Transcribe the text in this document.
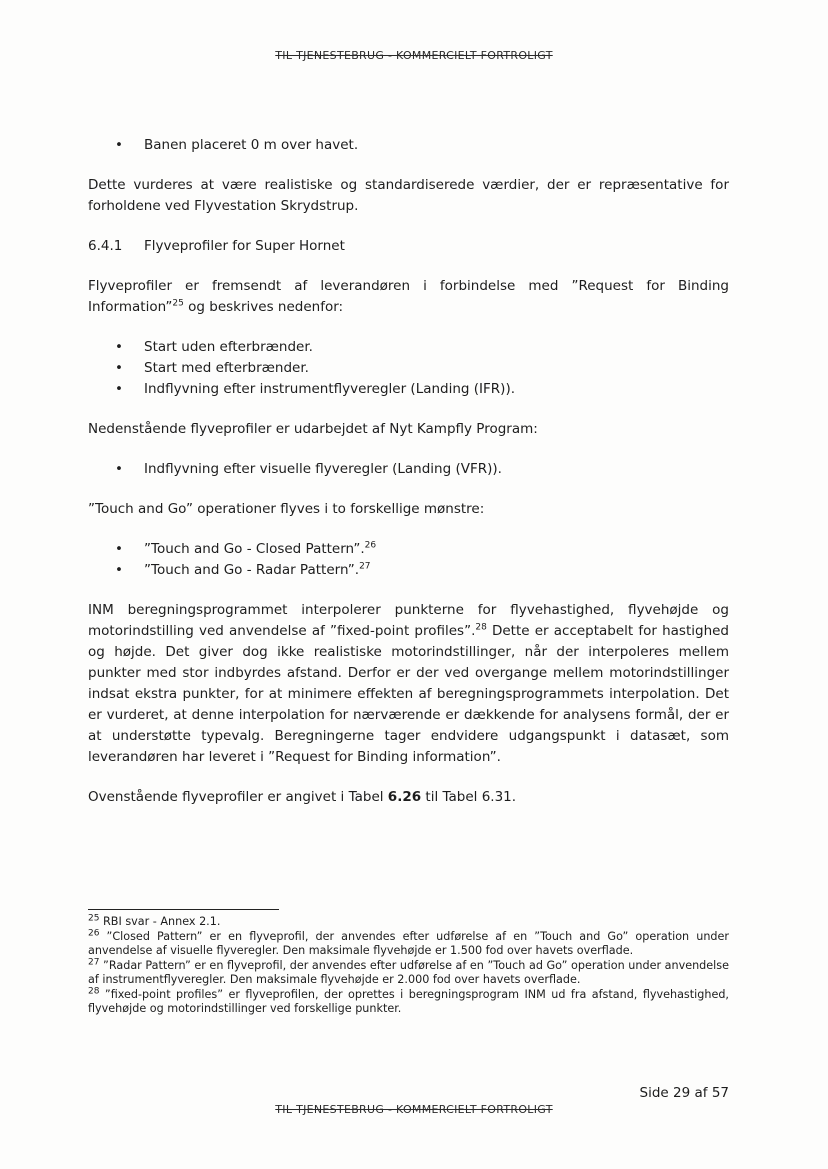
TIL TJENESTEBRUG - KOMMERCIELT FORTROLIGT
• Banen placeret 0 m over havet.

Dette vurderes at være realistiske og standardiserede værdier, der er repræsentative for forholdene ved Flyvestation Skrydstrup.

6.4.1 Flyveprofiler for Super Hornet

Flyveprofiler er fremsendt af leverandøren i forbindelse med ”Request for Binding Information”$^{25}$ og beskrives nedenfor:

• Start uden efterbrænder.
• Start med efterbrænder.
• Indflyvning efter instrumentflyveregler (Landing (IFR)).

Nedenstående flyveprofiler er udarbejdet af Nyt Kampfly Program:

• Indflyvning efter visuelle flyveregler (Landing (VFR)).

”Touch and Go” operationer flyves i to forskellige mønstre:

• ”Touch and Go - Closed Pattern”.$^{26}$
• ”Touch and Go - Radar Pattern”.$^{27}$

INM beregningsprogrammet interpolerer punkterne for flyvehastighed, flyvehøjde og motorindstilling ved anvendelse af ”fixed-point profiles”.$^{28}$ Dette er acceptabelt for hastighed og højde. Det giver dog ikke realistiske motorindstillinger, når der interpoleres mellem punkter med stor indbyrdes afstand. Derfor er der ved overgange mellem motorindstillinger indsat ekstra punkter, for at minimere effekten af beregningsprogrammets interpolation. Det er vurderet, at denne interpolation for nærværende er dækkende for analysens formål, der er at understøtte typevalg. Beregningerne tager endvidere udgangspunkt i datasæt, som leverandøren har leveret i ”Request for Binding information”.

Ovenstående flyveprofiler er angivet i Tabel 6.26 til Tabel 6.31.

$^{25}$ RBI svar - Annex 2.1.

$^{26}$ ”Closed Pattern” er en flyveprofil, der anvendes efter udførelse af en ”Touch and Go” operation under anvendelse af visuelle flyveregler. Den maksimale flyvehøjde er 1.500 fod over havets overflade.

$^{27}$ ”Radar Pattern” er en flyveprofil, der anvendes efter udførelse af en ”Touch ad Go” operation under anvendelse af instrumentflyveregler. Den maksimale flyvehøjde er 2.000 fod over havets overflade.

$^{28}$ ”fixed-point profiles” er flyveprofilen, der oprettes i beregningsprogram INM ud fra afstand, flyvehastighed, flyvehøjde og motorindstillinger ved forskellige punkter.

Side 29 af 57
TIL TJENESTEBRUG - KOMMERCIELT FORTROLIGT
